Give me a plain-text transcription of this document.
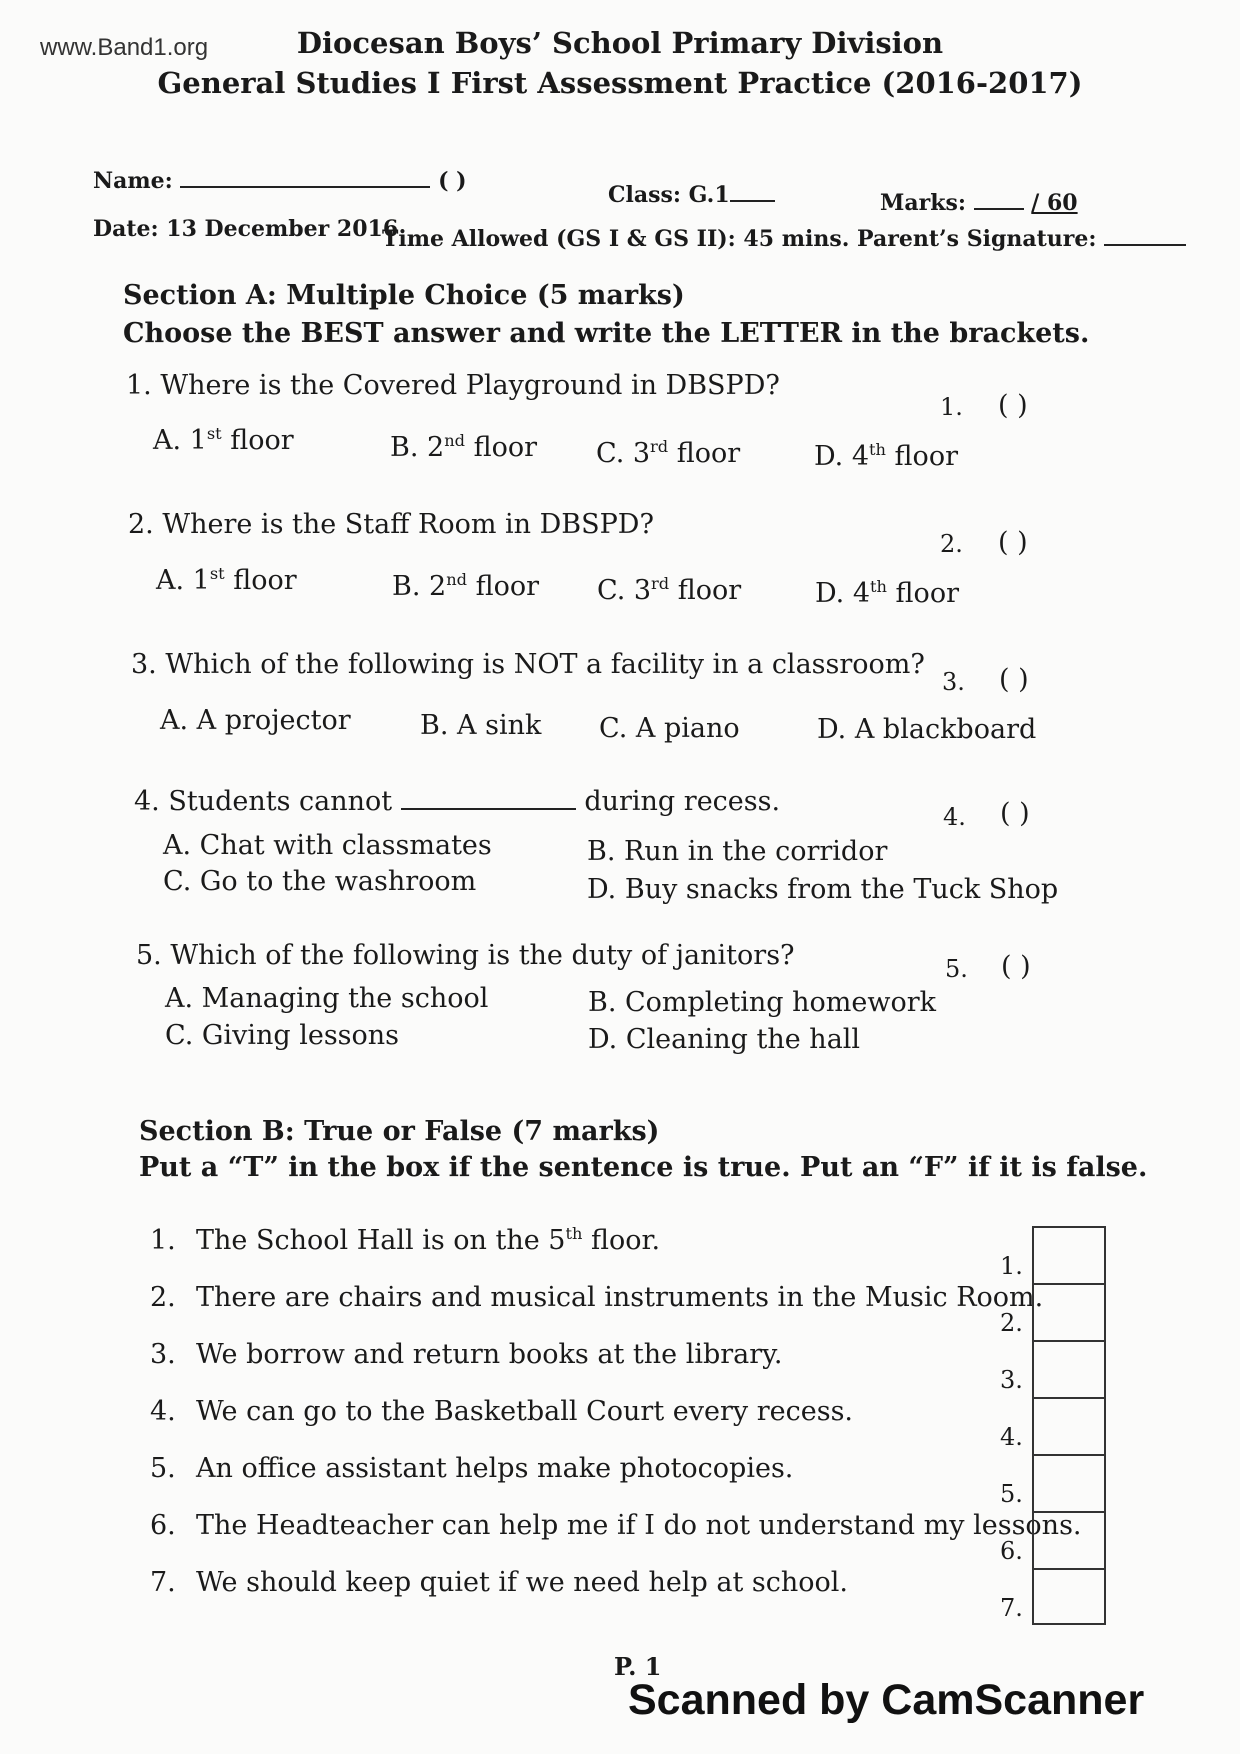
www.Band1.org	Diocesan Boys’ School Primary Division
General Studies I First Assessment Practice (2016-2017)
Name:	( )
Class: G.1	Marks:	/ 60
Date: 13 December 2016
Time Allowed (GS I & GS II): 45 mins. Parent’s Signature:
Section A: Multiple Choice (5 marks)
Choose the BEST answer and write the LETTER in the brackets.
1. Where is the Covered Playground in DBSPD?
1. ( )
A. 1st floor	B. 2nd floor C. 3rd floor	D. 4th floor
2. Where is the Staff Room in DBSPD?
2. ( )
A. 1st floor	B. 2nd floor C. 3rd floor	D. 4th floor
3. Which of the following is NOT a facility in a classroom?
3. ( )
A. A projector	B. A sink C. A piano	D. A blackboard
4. Students cannot	during recess.	4. ( )
A. Chat with classmates	B. Run in the corridor
C. Go to the washroom	D. Buy snacks from the Tuck Shop
5. Which of the following is the duty of janitors?	5. ( )
A. Managing the school	B. Completing homework
C. Giving lessons	D. Cleaning the hall
Section B: True or False (7 marks)
Put a “T” in the box if the sentence is true. Put an “F” if it is false.
1. The School Hall is on the 5th floor.
2. There are chairs and musical instruments in the Music Room.
3. We borrow and return books at the library.
4. We can go to the Basketball Court every recess.
5. An office assistant helps make photocopies.
6. The Headteacher can help me if I do not understand my lessons.
7. We should keep quiet if we need help at school.
1.
2.
3.
4.
5.
6.
7.
P. 1
Scanned by CamScanner
